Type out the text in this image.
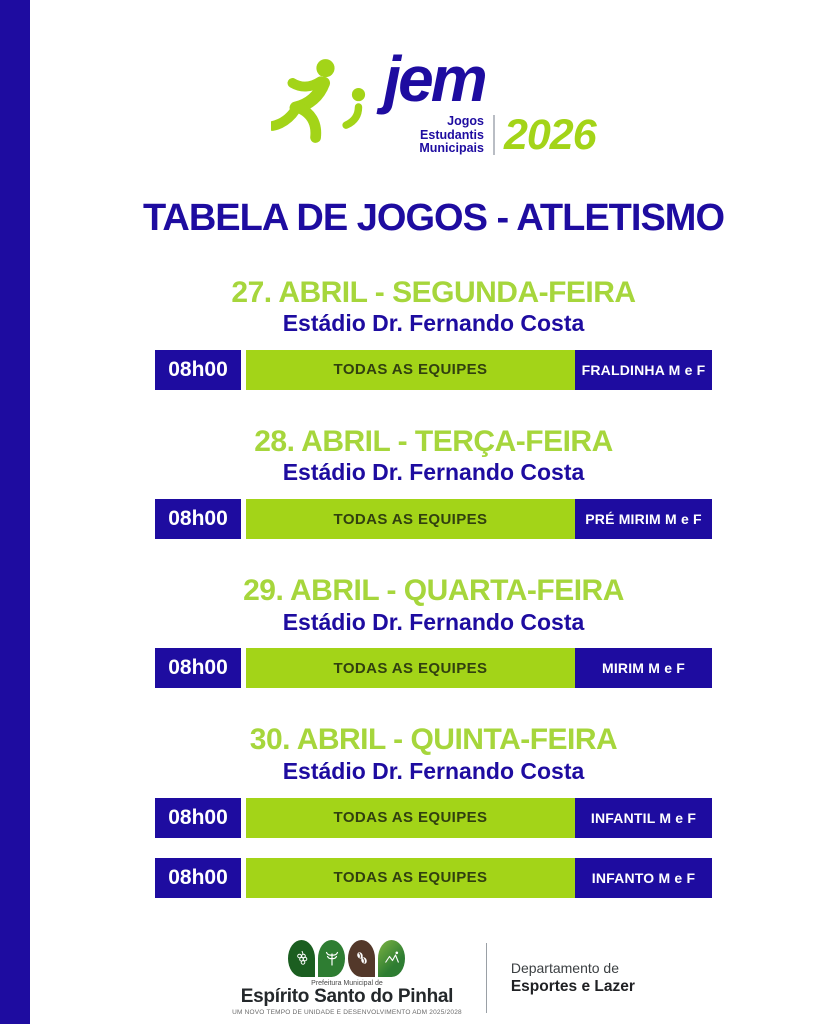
jem
Jogos
Estudantis
Municipais 2026
TABELA DE JOGOS - ATLETISMO
27. ABRIL - SEGUNDA-FEIRA
Estádio Dr. Fernando Costa
08h00	TODAS AS EQUIPES	FRALDINHA M e F
28. ABRIL - TERÇA-FEIRA
Estádio Dr. Fernando Costa
08h00	TODAS AS EQUIPES	PRÉ MIRIM M e F
29. ABRIL - QUARTA-FEIRA
Estádio Dr. Fernando Costa
08h00	TODAS AS EQUIPES	MIRIM M e F
30. ABRIL - QUINTA-FEIRA
Estádio Dr. Fernando Costa
08h00	TODAS AS EQUIPES	INFANTIL M e F
08h00	TODAS AS EQUIPES	INFANTO M e F
Prefeitura Municipal de
Espírito Santo do Pinhal
UM NOVO TEMPO DE UNIDADE E DESENVOLVIMENTO ADM 2025/2028
Departamento de
Esportes e Lazer
